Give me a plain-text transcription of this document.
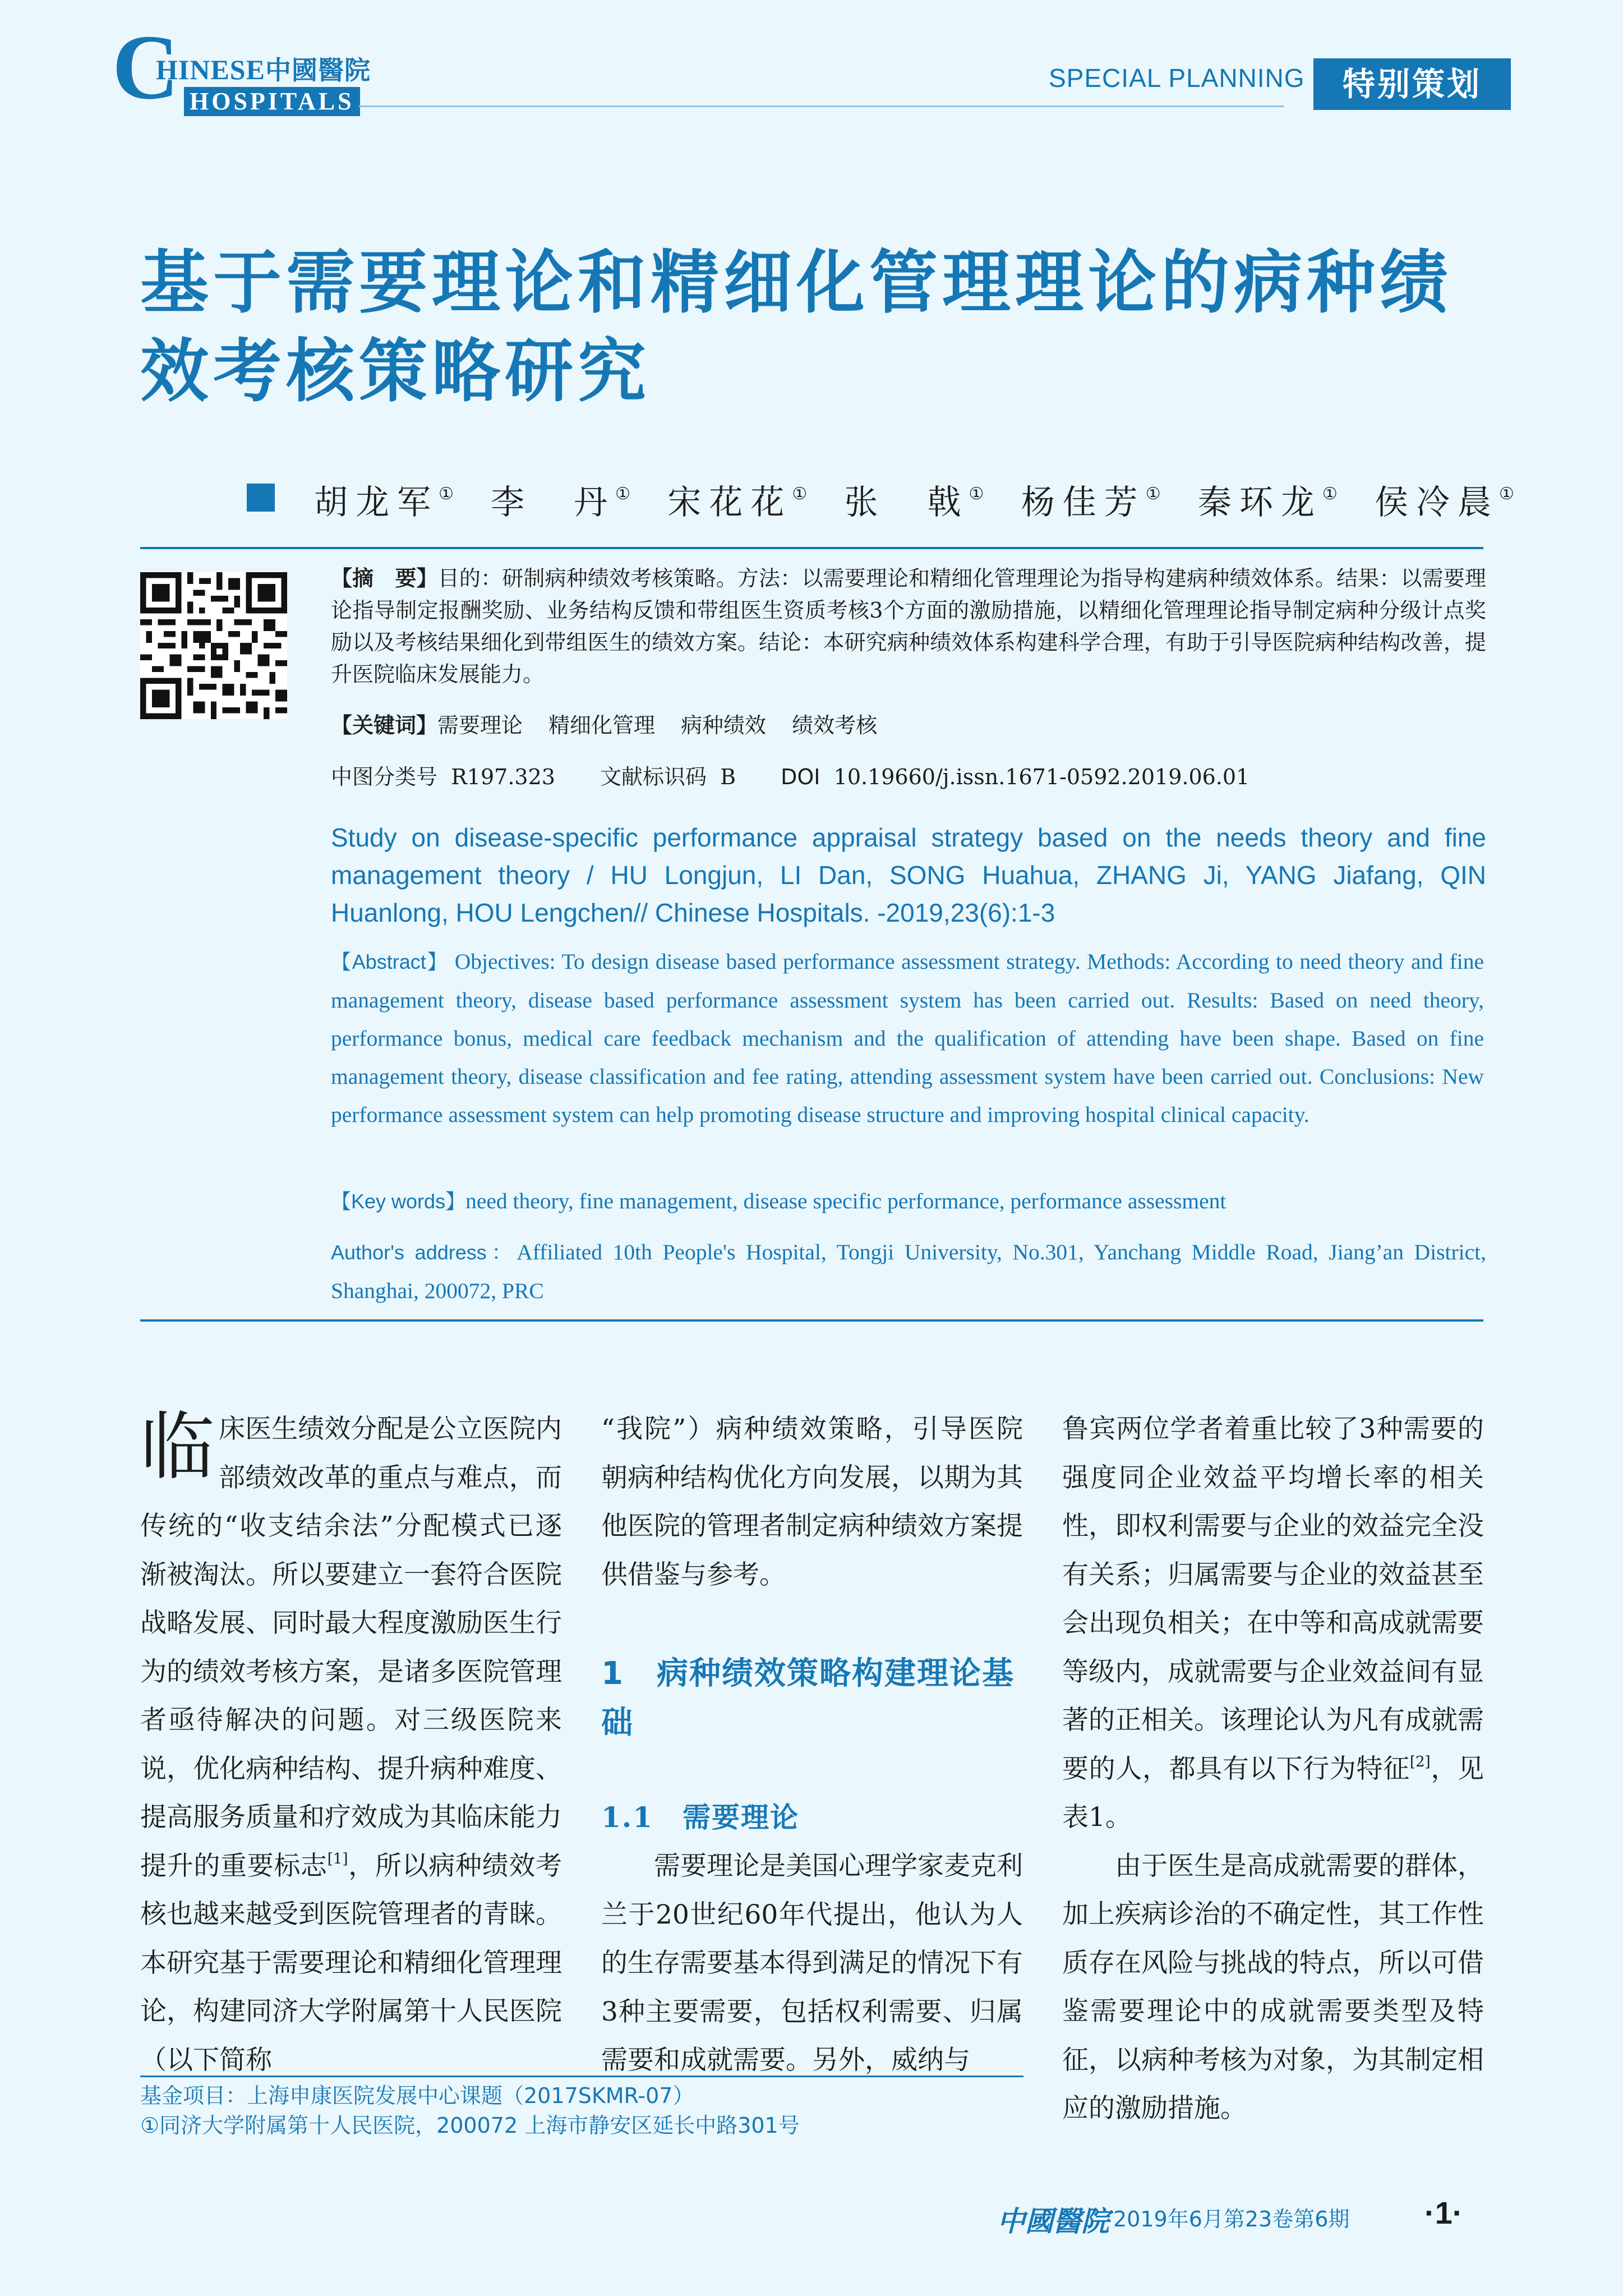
C
HINESE中國醫院
HOSPITALS
SPECIAL PLANNING	特别策划
基于需要理论和精细化管理理论的病种绩效考核策略研究
胡龙军① 李　丹① 宋花花① 张　戟① 杨佳芳① 秦环龙① 侯冷晨①

【摘　要】目的：研制病种绩效考核策略。方法：以需要理论和精细化管理理论为指导构建病种绩效体系。结果：以需要理论指导制定报酬奖励、业务结构反馈和带组医生资质考核3个方面的激励措施，以精细化管理理论指导制定病种分级计点奖励以及考核结果细化到带组医生的绩效方案。结论：本研究病种绩效体系构建科学合理，有助于引导医院病种结构改善，提升医院临床发展能力。

【关键词】需要理论 精细化管理 病种绩效 绩效考核
中图分类号 R197.323 文献标识码 B DOI 10.19660/j.issn.1671-0592.2019.06.01

Study on disease-specific performance appraisal strategy based on the needs theory and fine management theory / HU Longjun, LI Dan, SONG Huahua, ZHANG Ji, YANG Jiafang, QIN Huanlong, HOU Lengchen// Chinese Hospitals. -2019,23(6):1-3

【Abstract】 Objectives: To design disease based performance assessment strategy. Methods: According to need theory and fine management theory, disease based performance assessment system has been carried out. Results: Based on need theory, performance bonus, medical care feedback mechanism and the qualification of attending have been shape. Based on fine management theory, disease classification and fee rating, attending assessment system have been carried out. Conclusions: New performance assessment system can help promoting disease structure and improving hospital clinical capacity.

【Key words】need theory, fine management, disease specific performance, performance assessment

Author's address：Affiliated 10th People's Hospital, Tongji University, No.301, Yanchang Middle Road, Jiang’an District, Shanghai, 200072, PRC

临床医生绩效分配是公立医院内部绩效改革的重点与难点，而传统的“收支结余法”分配模式已逐渐被淘汰。所以要建立一套符合医院战略发展、同时最大程度激励医生行为的绩效考核方案，是诸多医院管理者亟待解决的问题。对三级医院来说，优化病种结构、提升病种难度、提高服务质量和疗效成为其临床能力提升的重要标志[1]，所以病种绩效考核也越来越受到医院管理者的青睐。本研究基于需要理论和精细化管理理论，构建同济大学附属第十人民医院（以下简称

“我院”）病种绩效策略，引导医院朝病种结构优化方向发展，以期为其他医院的管理者制定病种绩效方案提供借鉴与参考。

1　病种绩效策略构建理论基础
1.1　需要理论

需要理论是美国心理学家麦克利兰于20世纪60年代提出，他认为人的生存需要基本得到满足的情况下有3种主要需要，包括权利需要、归属需要和成就需要。另外，威纳与

鲁宾两位学者着重比较了3种需要的强度同企业效益平均增长率的相关性，即权利需要与企业的效益完全没有关系；归属需要与企业的效益甚至会出现负相关；在中等和高成就需要等级内，成就需要与企业效益间有显著的正相关。该理论认为凡有成就需要的人，都具有以下行为特征[2]，见表1。

由于医生是高成就需要的群体，加上疾病诊治的不确定性，其工作性质存在风险与挑战的特点，所以可借鉴需要理论中的成就需要类型及特征，以病种考核为对象，为其制定相应的激励措施。

基金项目：上海申康医院发展中心课题（2017SKMR-07）
①同济大学附属第十人民医院，200072 上海市静安区延长中路301号
中國醫院 2019年6月第23卷第6期 ·1·
